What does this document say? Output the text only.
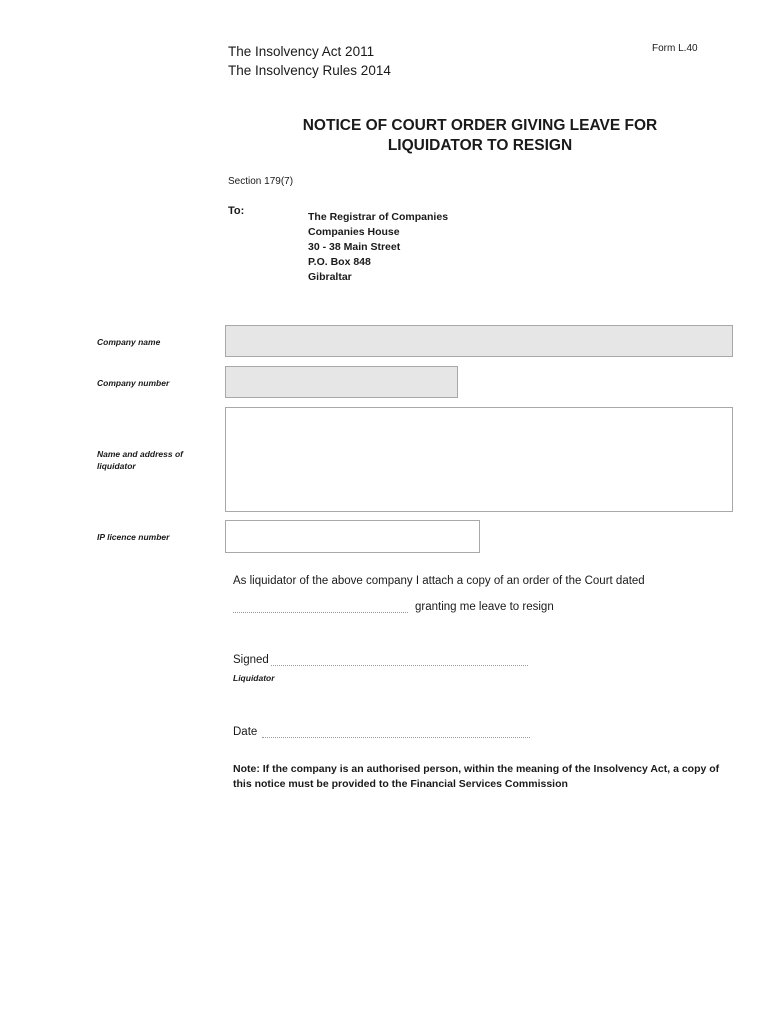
The Insolvency Act 2011
The Insolvency Rules 2014
Form L.40
NOTICE OF COURT ORDER GIVING LEAVE FOR
LIQUIDATOR TO RESIGN
Section 179(7)
To:	The Registrar of Companies
Companies House
30 - 38 Main Street
P.O. Box 848
Gibraltar
Company name
Company number
Name and address of
liquidator
IP licence number
As liquidator of the above company I attach a copy of an order of the Court dated
granting me leave to resign
Signed
Liquidator
Date
Note: If the company is an authorised person, within the meaning of the Insolvency Act, a copy of this notice must be provided to the Financial Services Commission
